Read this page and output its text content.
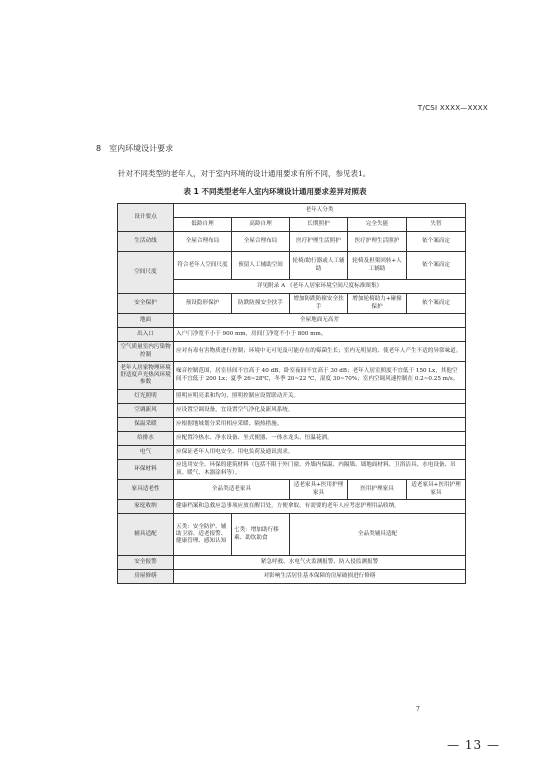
T/CSI XXXX—XXXX
8 室内环境设计要求
针对不同类型的老年人，对于室内环境的设计通用要求有所不同，参见表1。
表 1 不同类型老年人室内环境设计通用要求差异对照表
设计要点	老年人分类				
	低龄自理	高龄自理	长期照护	完全失能	失智
生活动线	全屋合理布局	全屋合理布局	医疗护理生活照护	医疗护理生活照护	依个案而定
空间尺度	符合老年人空间尺度	预留人工辅助空间	轮椅/助行器或人工辅助	轮椅及担架回转+人工辅助	依个案而定
	详见附录 A 《老年人居家环境空间尺度标准图集》				
安全保护	预设隐形保护	防跌防撞安全扶手	增加防跌防撞安全扶手	增加轮椅助力+碰撞保护	依个案而定
地面	全屋地面无高差				
出入口	入户门净宽不小于 900 mm，房间门净宽不小于 800 mm。				
空气质量室内污染物控制	应对有毒有害物质进行控制；环境中无可见及可能存在的霉菌生长；室内无明显的、使老年人产生不适的异常味道。				
老年人居家物理环境舒适度声光热风环境参数	噪音控制范围，居室昼间不宜高于 40 dB，卧室夜间不宜高于 30 dB；老年人居室照度不宜低于 150 Lx，其他空间不宜低于 200 Lx；夏季 26~28℃，冬季 20~22 ℃，湿度 30~70%；室内空调风速控制在 0.2~0.25 m/s。				
灯光照明	照明应明亮柔和均匀，照明控制应设置联动开关。				
空调新风	应设置空调设备，宜设置空气净化及新风系统。				
保温采暖	应根据地域划分采用相应采暖、隔热措施。				
给排水	应配置冷热水、净水设备、坐式便器、一体水龙头、恒温花洒。				
电气	应保证老年人用电安全、用电负荷及通讯需求。				
环保材料	应选用安全、环保的建筑材料（包括不限于外门窗、外墙内保温、内隔墙、墙地面材料、卫浴洁具、水电设备、吊顶、暖气、木器涂料等）。				
家具适老性	全品类适老家具		适老家具+医用护理家具	医用护理家具	适老家具+医用护理家具
家庭收纳	健康档案和急救应急事项应放在醒目处，方便拿取，有需要的老年人应考虑护理用品收纳。				
辅具适配	五类：安全防护、辅助卫浴、适老报警、健康管理、感知认知	七类：增加助行移乘、助饮助食	全品类辅具适配		
安全报警	紧急呼救、水电气火监测报警、防入侵监测报警				
房屋修缮	对影响生活居住基本保障的房屋破损进行修缮				
7
— 13 —
